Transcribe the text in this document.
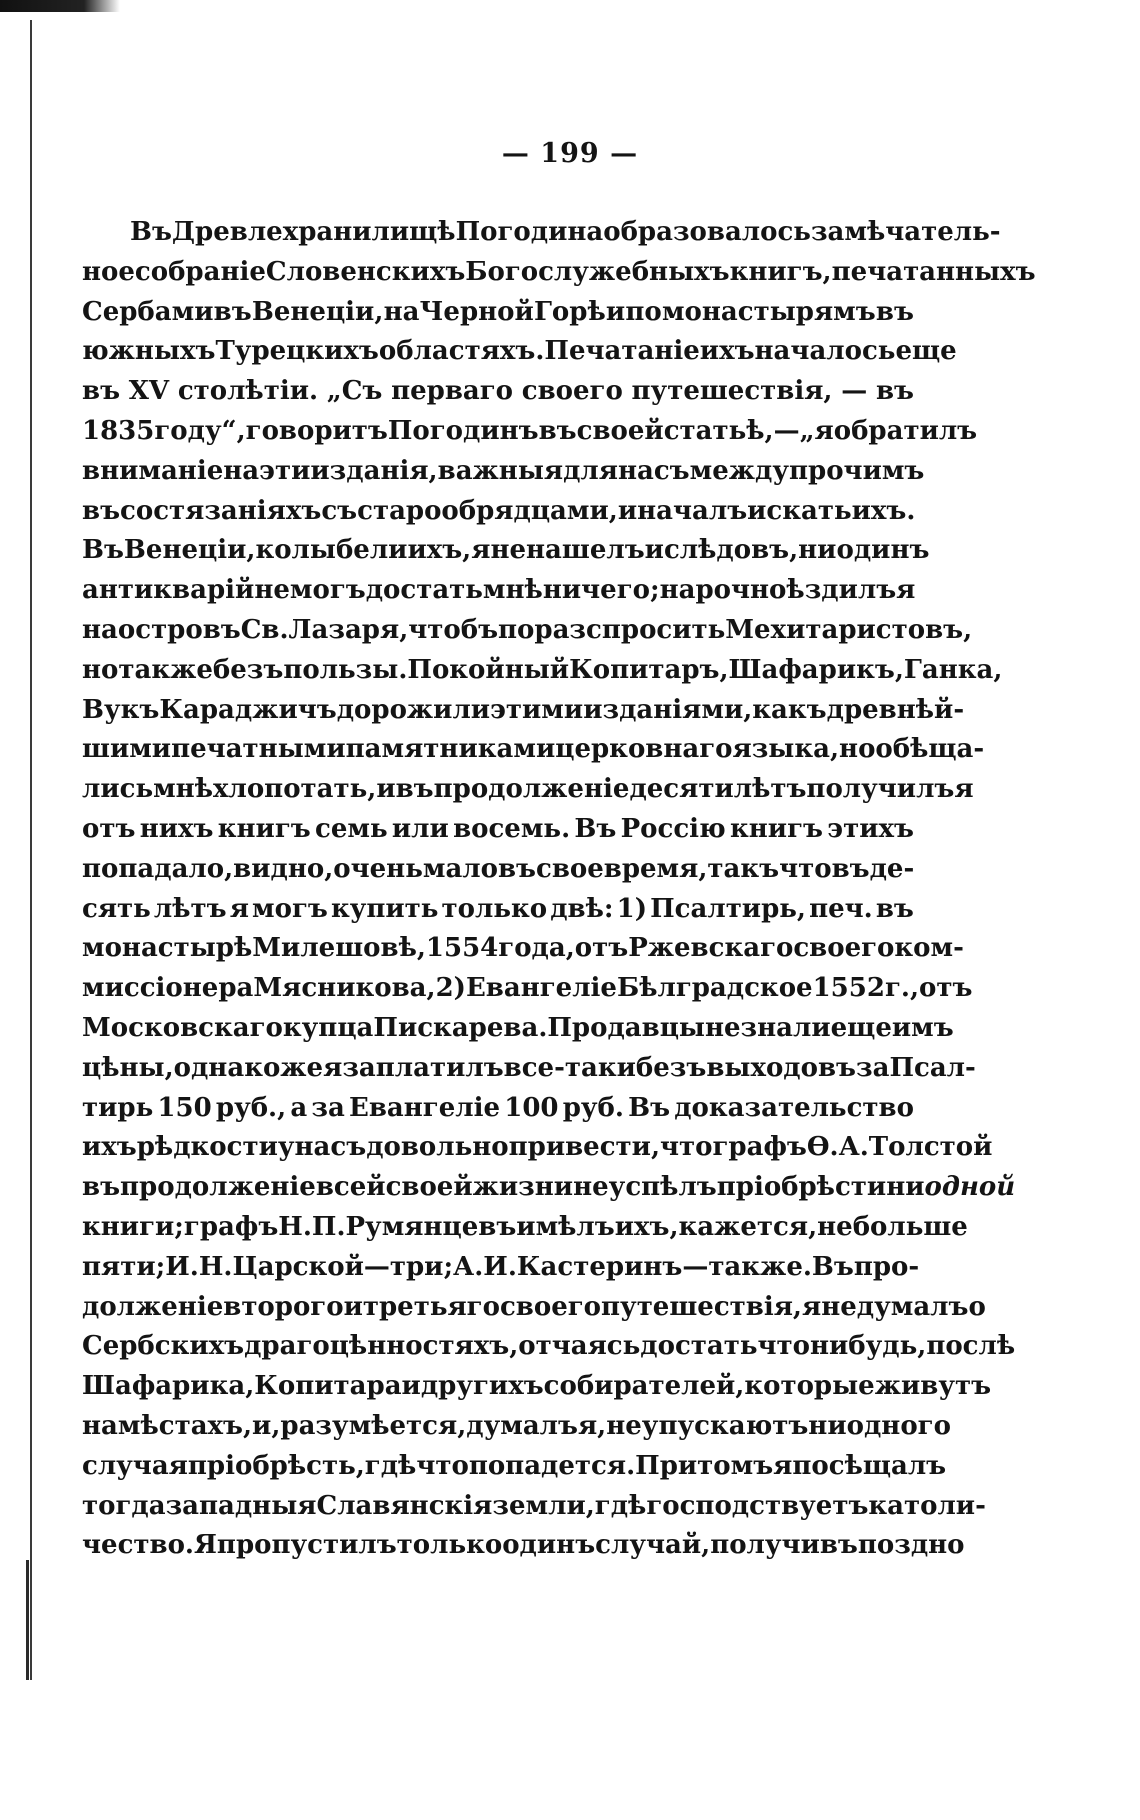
— 199 —
Въ Древлехранилищѣ Погодина образовалось замѣчатель-
ное собраніе Словенскихъ Богослужебныхъ книгъ, печатанныхъ
Сербами въ Венеціи, на Черной Горѣ и по монастырямъ въ
южныхъ Турецкихъ областяхъ. Печатаніе ихъ началось еще
въ XV столѣтіи. „Съ перваго своего путешествія, — въ
1835 году“, говоритъ Погодинъ въ своей статьѣ,—„я обратилъ
вниманіе на эти изданія, важныя для насъ между прочимъ
въ состязаніяхъ съ старообрядцами, и началъ искать ихъ.
Въ Венеціи, колыбели ихъ, я не нашелъ и слѣдовъ, ни одинъ
антикварій не могъ достать мнѣ ничего; нарочно ѣздилъ я
на островъ Св. Лазаря, чтобъ поразспросить Мехитаристовъ,
но также безъ пользы. Покойный Копитаръ, Шафарикъ, Ганка,
Вукъ Караджичъ дорожили этими изданіями, какъ древнѣй-
шими печатными памятниками церковнаго языка, но обѣща-
лись мнѣ хлопотать, и въ продолженіе десяти лѣтъ получилъ я
отъ нихъ книгъ семь или восемь. Въ Россію книгъ этихъ
попадало, видно, очень мало въ свое время, такъ что въ де-
сять лѣтъ я могъ купить только двѣ: 1) Псалтирь, печ. въ
монастырѣ Милешовѣ, 1554 года, отъ Ржевскаго своего ком-
миссіонера Мясникова, 2) Евангеліе Бѣлградское 1552 г., отъ
Московскаго купца Пискарева. Продавцы не знали еще имъ
цѣны, однакоже я заплатилъ все-таки безъ выходовъ за Псал-
тирь 150 руб., а за Евангеліе 100 руб. Въ доказательство
ихъ рѣдкости у насъ довольно привести, что графъ Ѳ. А. Толстой
въ продолженіе всей своей жизни не успѣлъ пріобрѣсти ни одной
книги; графъ Н. П. Румянцевъ имѣлъ ихъ, кажется, не больше
пяти; И. Н. Царской—три; А. И. Кастеринъ—также. Въ про-
долженіе второго и третьяго своего путешествія, я не думалъ о
Сербскихъ драгоцѣнностяхъ, отчаясь достать что нибудь, послѣ
Шафарика, Копитара и другихъ собирателей, которые живутъ
на мѣстахъ, и, разумѣется, думалъ я, не упускаютъ ни одного
случая пріобрѣсть, гдѣ что попадется. Притомъ я посѣщалъ
тогда западныя Славянскія земли, гдѣ господствуетъ католи-
чество. Я пропустилъ только одинъ случай, получивъ поздно
